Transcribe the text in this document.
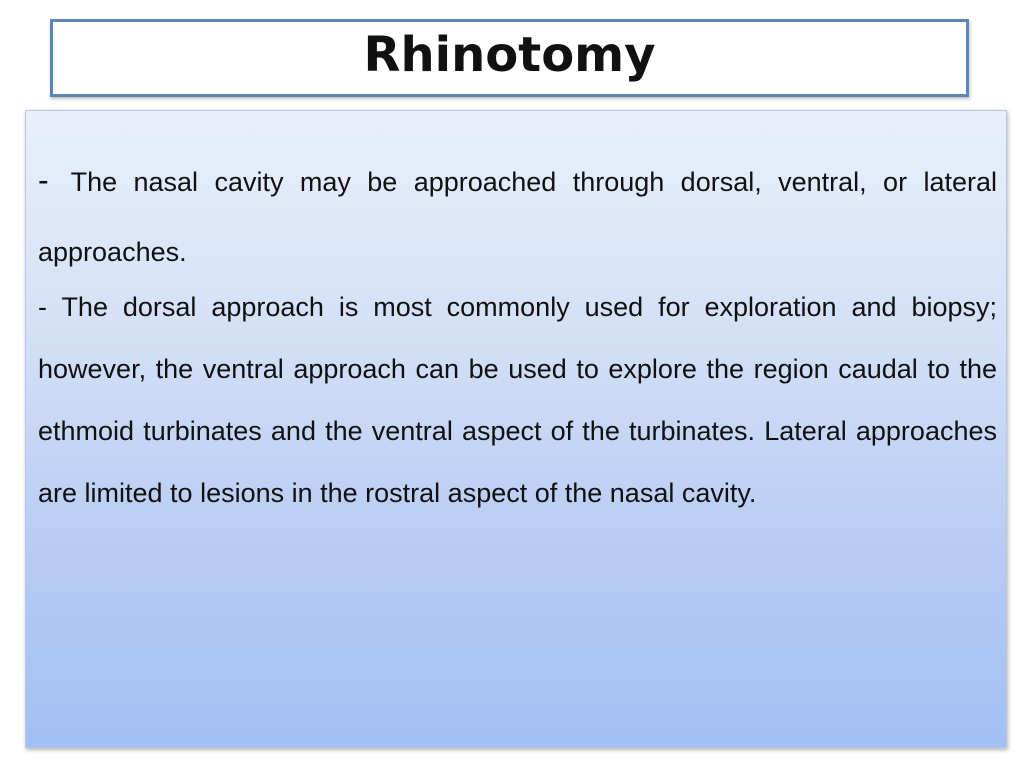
Rhinotomy

- The nasal cavity may be approached through dorsal, ventral, or lateral approaches.

- The dorsal approach is most commonly used for exploration and biopsy; however, the ventral approach can be used to explore the region caudal to the ethmoid turbinates and the ventral aspect of the turbinates. Lateral approaches are limited to lesions in the rostral aspect of the nasal cavity.
